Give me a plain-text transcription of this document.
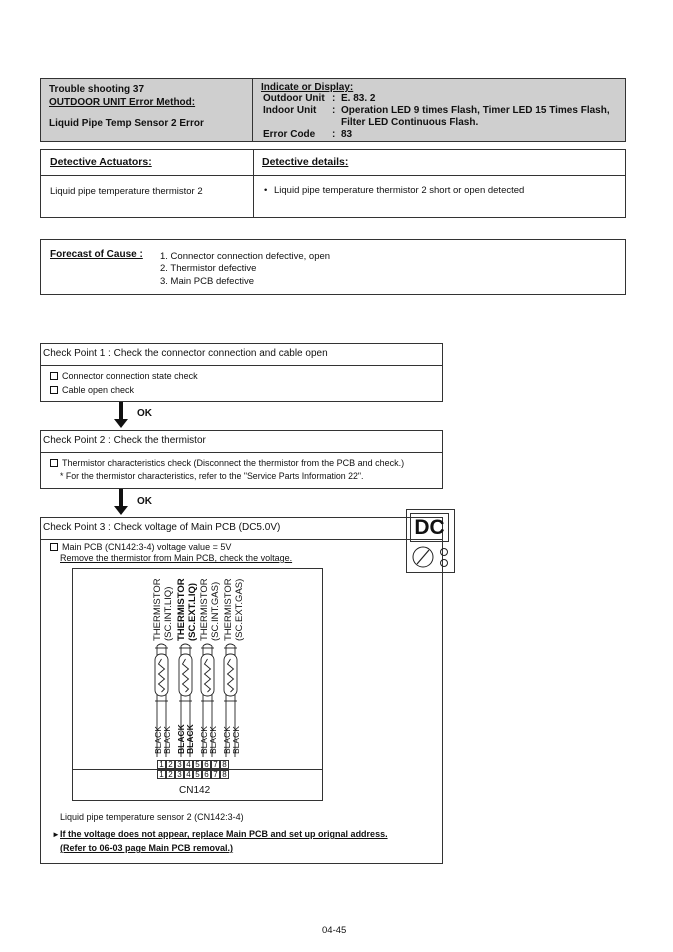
Trouble shooting 37
OUTDOOR UNIT Error Method:
Liquid Pipe Temp Sensor 2 Error
Indicate or Display:
Outdoor Unit : E. 83. 2
Indoor Unit : Operation LED 9 times Flash, Timer LED 15 Times Flash,
Filter LED Continuous Flash.
Error Code : 83
Detective Actuators:
Liquid pipe temperature thermistor 2
Detective details:
• Liquid pipe temperature thermistor 2 short or open detected
Forecast of Cause : 1. Connector connection defective, open
2. Thermistor defective
3. Main PCB defective
Check Point 1 : Check the connector connection and cable open
Connector connection state check
Cable open check
OK
Check Point 2 : Check the thermistor
Thermistor characteristics check (Disconnect the thermistor from the PCB and check.)
* For the thermistor characteristics, refer to the "Service Parts Information 22".
OK
Check Point 3 : Check voltage of Main PCB (DC5.0V)
Main PCB (CN142:3-4) voltage value = 5V
Remove the thermistor from Main PCB, check the voltage.
Liquid pipe temperature sensor 2 (CN142:3-4)
► If the voltage does not appear, replace Main PCB and set up orignal address.
(Refer to 06-03 page Main PCB removal.)
DC
THERMISTOR (SC.INT.LIQ) THERMISTOR (SC.EXT.LIQ) THERMISTOR (SC.INT.GAS) THERMISTOR (SC.EXT.GAS)
BLACK BLACK BLACK BLACK BLACK BLACK BLACK BLACK
1 2 3 4 5 6 7 8
1 2 3 4 5 6 7 8
CN142
04-45
